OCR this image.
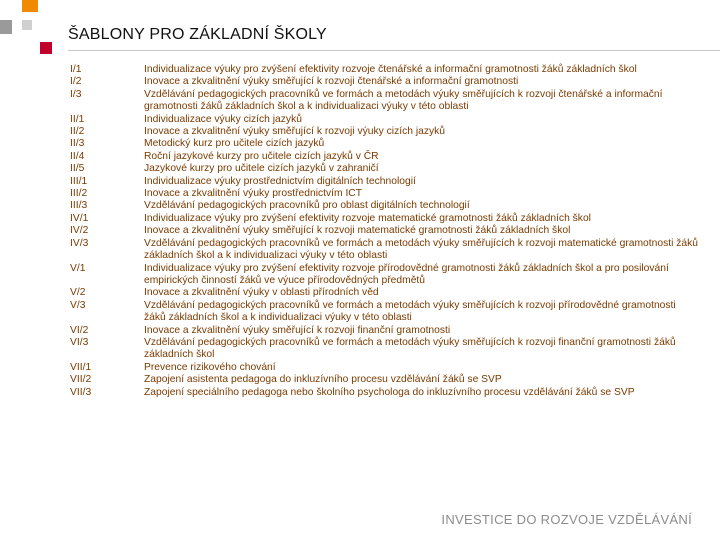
ŠABLONY PRO ZÁKLADNÍ ŠKOLY
I/1	Individualizace výuky pro zvýšení efektivity rozvoje čtenářské a informační gramotnosti žáků základních škol
I/2	Inovace a zkvalitnění výuky směřující k rozvoji čtenářské a informační gramotnosti
I/3	Vzdělávání pedagogických pracovníků ve formách a metodách výuky směřujících k rozvoji čtenářské a informační gramotnosti žáků základních škol a k individualizaci výuky v této oblasti
II/1	Individualizace výuky cizích jazyků
II/2	Inovace a zkvalitnění výuky směřující k rozvoji výuky cizích jazyků
II/3	Metodický kurz pro učitele cizích jazyků
II/4	Roční jazykové kurzy pro učitele cizích jazyků v ČR
II/5	Jazykové kurzy pro učitele cizích jazyků v zahraničí
III/1	Individualizace výuky prostřednictvím digitálních technologií
III/2	Inovace a zkvalitnění výuky prostřednictvím ICT
III/3	Vzdělávání pedagogických pracovníků pro oblast digitálních technologií
IV/1	Individualizace výuky pro zvýšení efektivity rozvoje matematické gramotnosti žáků základních škol
IV/2	Inovace a zkvalitnění výuky směřující k rozvoji matematické gramotnosti žáků základních škol
IV/3	Vzdělávání pedagogických pracovníků ve formách a metodách výuky směřujících k rozvoji matematické gramotnosti žáků základních škol a k individualizaci výuky v této oblasti
V/1	Individualizace výuky pro zvýšení efektivity rozvoje přírodovědné gramotnosti žáků základních škol a pro posilování empirických činností žáků ve výuce přírodovědných předmětů
V/2	Inovace a zkvalitnění výuky v oblasti přírodních věd
V/3	Vzdělávání pedagogických pracovníků ve formách a metodách výuky směřujících k rozvoji přírodovědné gramotnosti žáků základních škol a k individualizaci výuky v této oblasti
VI/2	Inovace a zkvalitnění výuky směřující k rozvoji finanční gramotnosti
VI/3	Vzdělávání pedagogických pracovníků ve formách a metodách výuky směřujících k rozvoji finanční gramotnosti žáků základních škol
VII/1	Prevence rizikového chování
VII/2	Zapojení asistenta pedagoga do inkluzívního procesu vzdělávání žáků se SVP
VII/3	Zapojení speciálního pedagoga nebo školního psychologa do inkluzívního procesu vzdělávání žáků se SVP
INVESTICE DO ROZVOJE VZDĚLÁVÁNÍ
